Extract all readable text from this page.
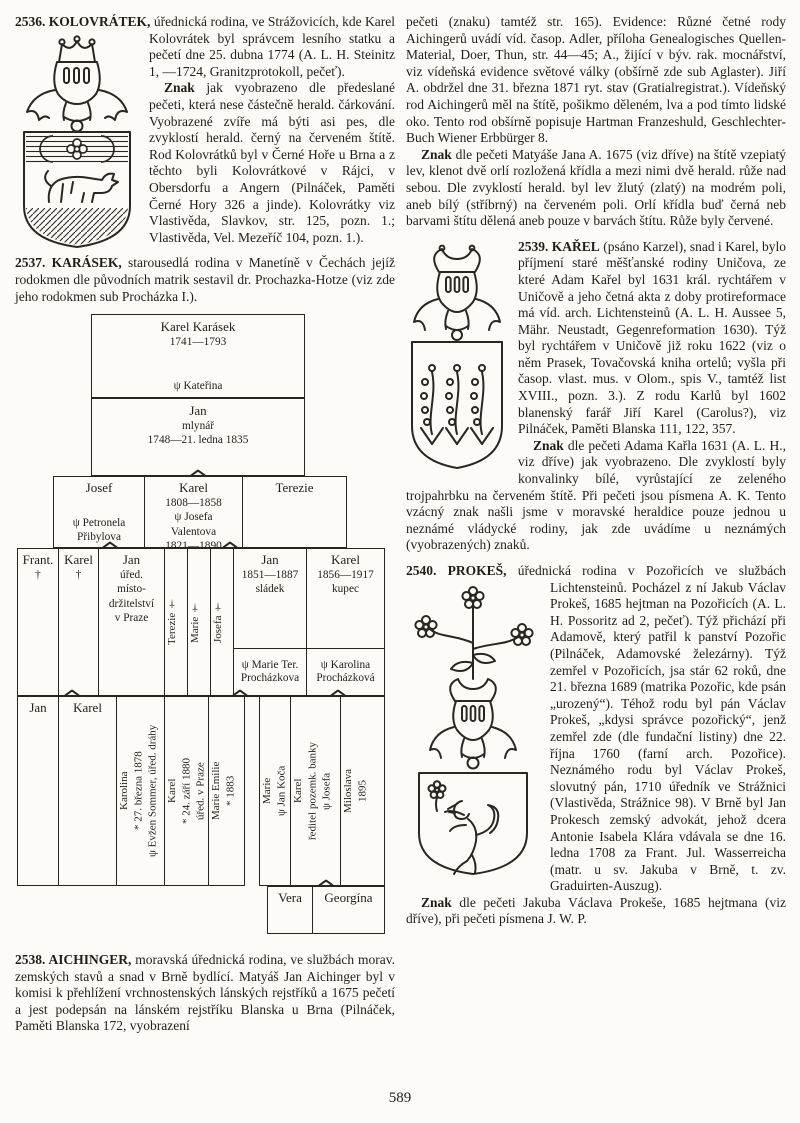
2536. KOLOVRÁTEK, úřednická rodina, ve Strážovicích, kde Karel Kolovrátek byl správcem lesního statku a pečetí dne 25. dubna 1774 (A. L. H. Steinitz 1, —1724, Granitzprotokoll, pečeť).

Znak jak vyobrazeno dle předeslané pečeti, která nese částečně herald. čárkování. Vyobrazené zvíře má býti asi pes, dle zvyklostí herald. černý na červeném štítě. Rod Kolovrátků byl v Černé Hoře u Brna a z těchto byli Kolovrátkové v Rájci, v Obersdorfu a Angern (Pilnáček, Paměti Černé Hory 326 a jinde). Kolovrátky viz Vlastivěda, Slavkov, str. 125, pozn. 1.; Vlastivěda, Vel. Mezeříč 104, pozn. 1.).

2537. KARÁSEK, starousedlá rodina v Manetíně v Čechách jejíž rodokmen dle původních matrik sestavil dr. Prochazka-Hotze (viz zde jeho rodokmen sub Procházka I.).
Karel Karásek
1741—1793
ψ Kateřina
Jan
mlynář
1748—21. ledna 1835
Josef
ψ Petronela
Přibylova
Karel
1808—1858
ψ Josefa
Valentova
1821—1890
Terezie
Frant.
†
Karel
†
Jan
úřed.
místo-
držitelství
v Praze Terezie † Marie † Josefa †
Jan
1851—1887
sládek
ψ Marie Ter.
Procházkova
Karel
1856—1917
kupec
ψ Karolina
Procházková
Jan Karel
Karolina * 27. března 1878 ψ Evžen Sommer, úřed. dráhy Karel * 24. září 1880 úřed. v Praze Marie Emilie * 1883 Marie ψ Jan Koča Karel ředitel pozemk. banky ψ Josefa Miloslava 1895
Vera Georgína
2538. AICHINGER, moravská úřednická rodina, ve službách morav. zemských stavů a snad v Brně bydlící. Matyáš Jan Aichinger byl v komisi k přehlížení vrchnostenských lánských rejstříků a 1675 pečetí a jest podepsán na lánském rejstříku Blanska u Brna (Pilnáček, Paměti Blanska 172, vyobrazení

pečeti (znaku) tamtéž str. 165). Evidence: Různé četné rody Aichingerů uvádí víd. časop. Adler, příloha Genealogisches Quellen-Material, Doer, Thun, str. 44—45; A., žijící v býv. rak. mocnářství, viz vídeňská evidence světové války (obšírně zde sub Aglaster). Jiří A. obdržel dne 31. března 1871 ryt. stav (Gratialregistrat.). Vídeňský rod Aichingerů měl na štítě, pošikmo děleném, lva a pod tímto lidské oko. Tento rod obšírně popisuje Hartman Franzeshuld, Geschlechter-Buch Wiener Erbbürger 8.

Znak dle pečeti Matyáše Jana A. 1675 (viz dříve) na štítě vzepiatý lev, klenot dvě orlí rozložená křídla a mezi nimi dvě herald. růže nad sebou. Dle zvyklostí herald. byl lev žlutý (zlatý) na modrém poli, aneb bílý (stříbrný) na červeném poli. Orlí křídla buď černá neb barvami štítu dělená aneb pouze v barvách štítu. Růže byly červené.

2539. KAŘEL (psáno Karzel), snad i Karel, bylo
příjmení staré měšťanské rodiny Uničova, ze které Adam Kařel byl 1631 král. rychtářem v Uničově a jeho četná akta z doby protireformace má víd. arch. Lichtensteinů (A. L. H. Aussee 5, Mähr. Neustadt, Gegenreformation 1630). Týž byl rychtářem v Uničově již roku 1622 (viz o něm Prasek, Tovačovská kniha ortelů; vyšla při časop. vlast. mus. v Olom., spis V., tamtéž list XVIII., pozn. 3.). Z rodu Karlů byl 1602 blanenský farář Jiří Karel (Carolus?), viz Pilnáček, Paměti Blanska 111, 122, 357.

Znak dle pečeti Adama Kařla 1631 (A. L. H., viz dříve) jak vyobrazeno. Dle zvyklostí byly konvalinky bílé, vyrůstající ze zeleného trojpahrbku na červeném štítě. Při pečeti jsou písmena A. K. Tento vzácný znak našli jsme v moravské heraldice pouze jednou u neznámé vládycké rodiny, jak zde uvádíme u neznámých (vyobrazených) znaků.

2540. PROKEŠ, úřednická rodina v Pozořicích ve službách Lichtensteinů. Pocházel z ní Jakub Václav Prokeš, 1685 hejtman na Pozořicích (A. L. H. Possoritz ad 2, pečeť). Týž přichází při Adamově, který patřil k panství Pozořic (Pilnáček, Adamovské železárny). Týž zemřel v Pozořicích, jsa stár 62 roků, dne 21. března 1689 (matrika Pozořic, kde psán „urozený“). Téhož rodu byl pán Václav Prokeš, „kdysi správce pozořický“, jenž zemřel zde (dle fundační listiny) dne 22. října 1760 (farní arch. Pozořice). Neznámého rodu byl Václav Prokeš, slovutný pán, 1710 úředník ve Strážnici (Vlastivěda, Strážnice 98). V Brně byl Jan Prokesch zemský advokát, jehož dcera Antonie Isabela Klára vdávala se dne 16. ledna 1708 za Frant. Jul. Wasserreicha (matr. u sv. Jakuba v Brně, t. zv. Graduirten-Auszug).

Znak dle pečeti Jakuba Václava Prokeše, 1685 hejtmana (viz dříve), při pečeti písmena J. W. P.

589
